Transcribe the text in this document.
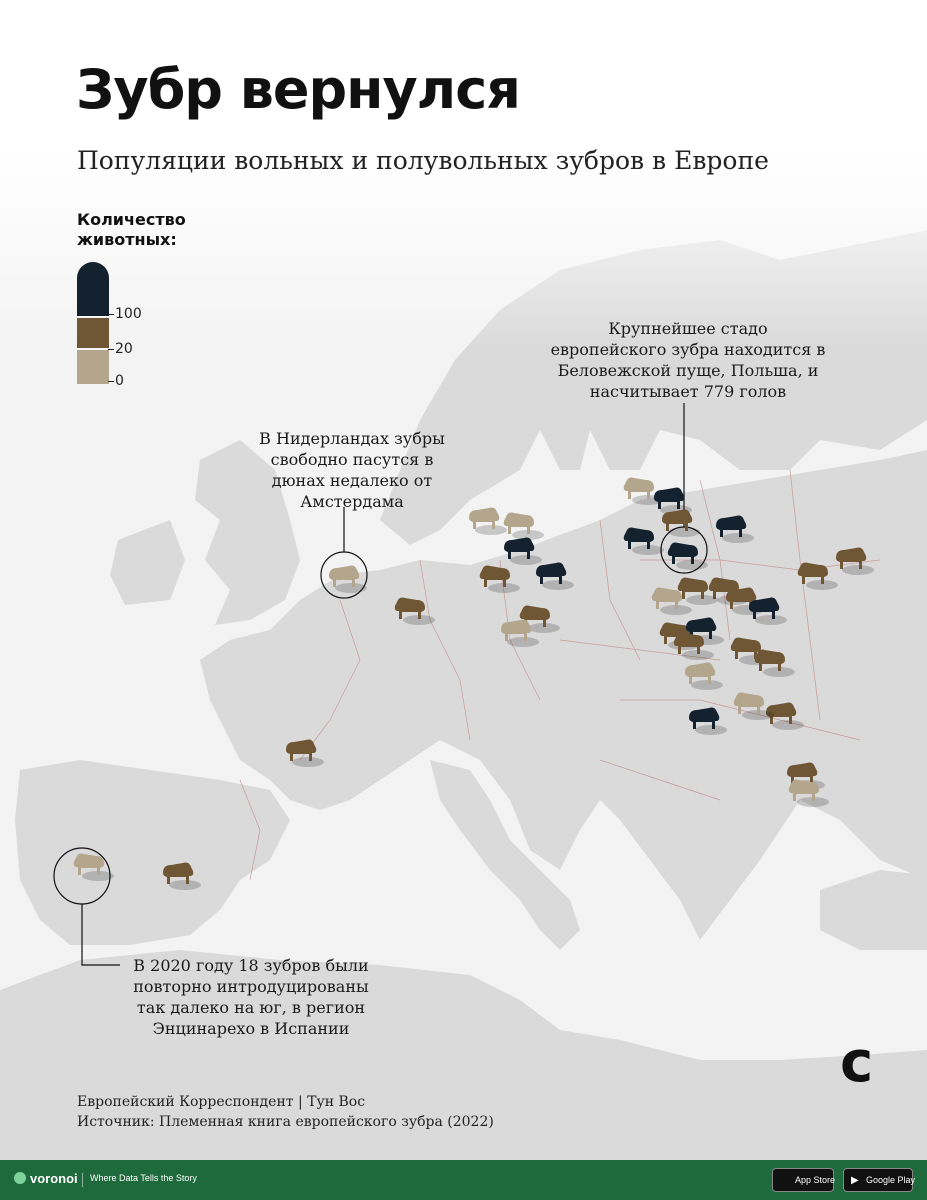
Зубр вернулся
Популяции вольных и полувольных зубров в Европе
Количество животных:
100
20
0
Крупнейшее стадо европейского зубра находится в Беловежской пуще, Польша, и насчитывает 779 голов
В Нидерландах зубры свободно пасутся в дюнах недалеко от Амстердама
В 2020 году 18 зубров были повторно интродуцированы так далеко на юг, в регион Энцинарехо в Испании
Европейский Корреспондент | Тун Вос
Источник: Племенная книга европейского зубра (2022)
ϲ
voronoi Where Data Tells the Story	App Store ▶ Google Play
